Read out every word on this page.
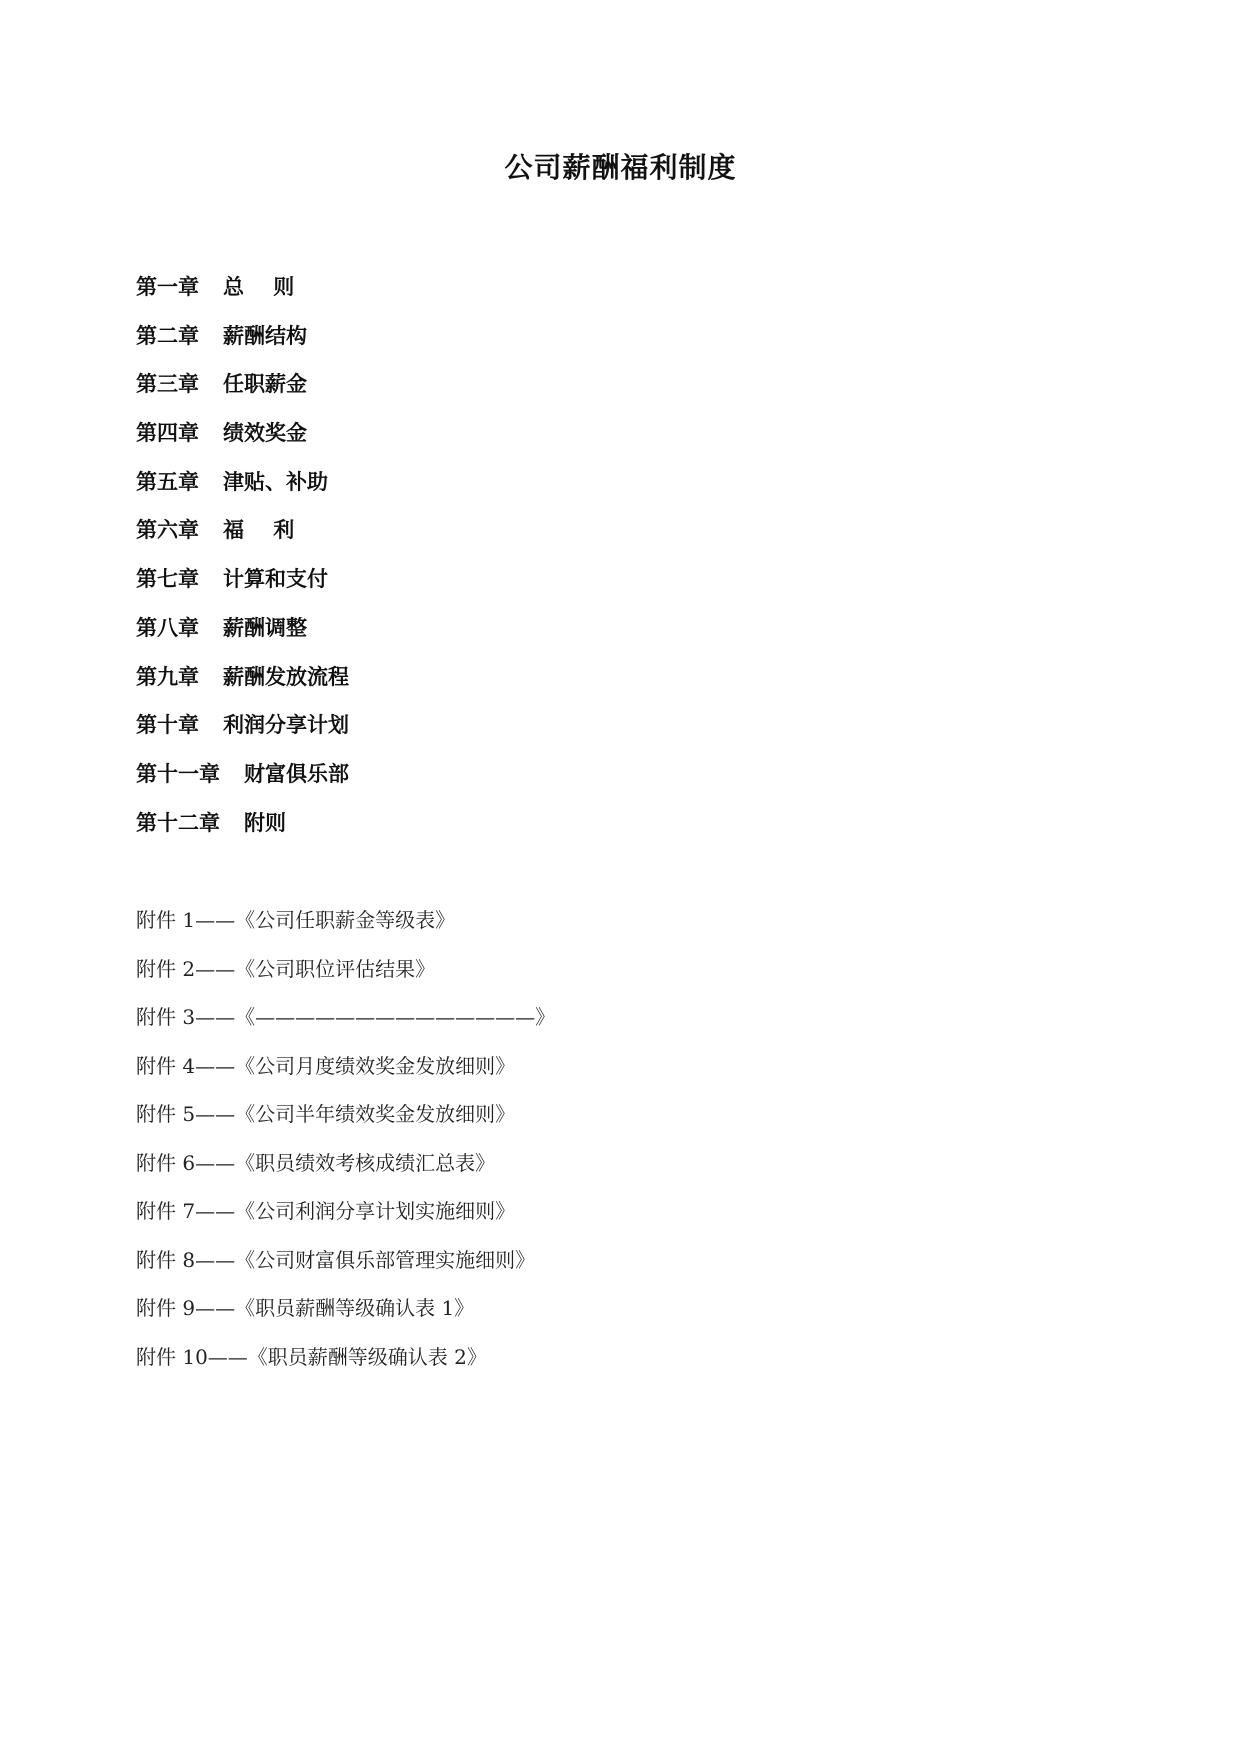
公司薪酬福利制度
第一章 总    则
第二章 薪酬结构
第三章 任职薪金
第四章 绩效奖金
第五章 津贴、补助
第六章 福    利
第七章 计算和支付
第八章 薪酬调整
第九章 薪酬发放流程
第十章 利润分享计划
第十一章 财富俱乐部
第十二章 附则
附件 1——《公司任职薪金等级表》
附件 2——《公司职位评估结果》
附件 3——《——————————————》
附件 4——《公司月度绩效奖金发放细则》
附件 5——《公司半年绩效奖金发放细则》
附件 6——《职员绩效考核成绩汇总表》
附件 7——《公司利润分享计划实施细则》
附件 8——《公司财富俱乐部管理实施细则》
附件 9——《职员薪酬等级确认表 1》
附件 10——《职员薪酬等级确认表 2》
